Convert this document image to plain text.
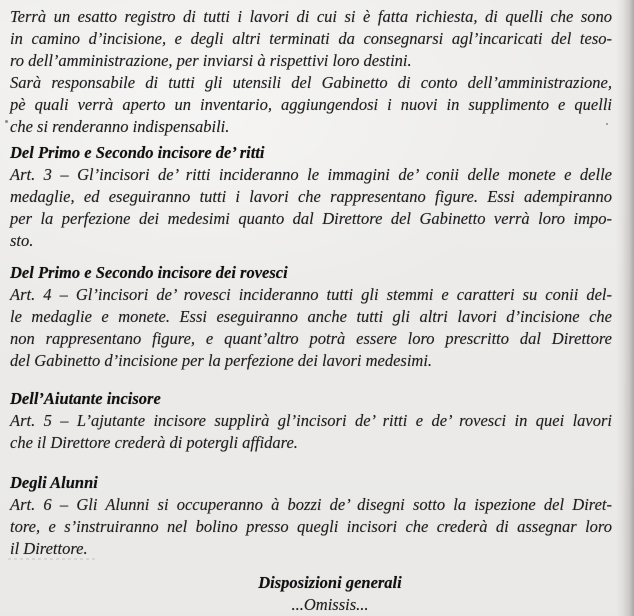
Terrà un esatto registro di tutti i lavori di cui si è fatta richiesta, di quelli che sono
in camino d’incisione, e degli altri terminati da consegnarsi agl’incaricati del teso-
ro dell’amministrazione, per inviarsi à rispettivi loro destini.
Sarà responsabile di tutti gli utensili del Gabinetto di conto dell’amministrazione,
pè quali verrà aperto un inventario, aggiungendosi i nuovi in supplimento e quelli
che si renderanno indispensabili.
Del Primo e Secondo incisore de’ ritti
Art. 3 – Gl’incisori de’ ritti incideranno le immagini de’ conii delle monete e delle
medaglie, ed eseguiranno tutti i lavori che rappresentano figure. Essi adempiranno
per la perfezione dei medesimi quanto dal Direttore del Gabinetto verrà loro impo-
sto.
Del Primo e Secondo incisore dei rovesci
Art. 4 – Gl’incisori de’ rovesci incideranno tutti gli stemmi e caratteri su conii del-
le medaglie e monete. Essi eseguiranno anche tutti gli altri lavori d’incisione che
non rappresentano figure, e quant’altro potrà essere loro prescritto dal Direttore
del Gabinetto d’incisione per la perfezione dei lavori medesimi.
Dell’Aiutante incisore
Art. 5 – L’ajutante incisore supplirà gl’incisori de’ ritti e de’ rovesci in quei lavori
che il Direttore crederà di potergli affidare.
Degli Alunni
Art. 6 – Gli Alunni si occuperanno à bozzi de’ disegni sotto la ispezione del Diret-
tore, e s’instruiranno nel bolino presso quegli incisori che crederà di assegnar loro
il Direttore.
Disposizioni generali
...Omissis...
